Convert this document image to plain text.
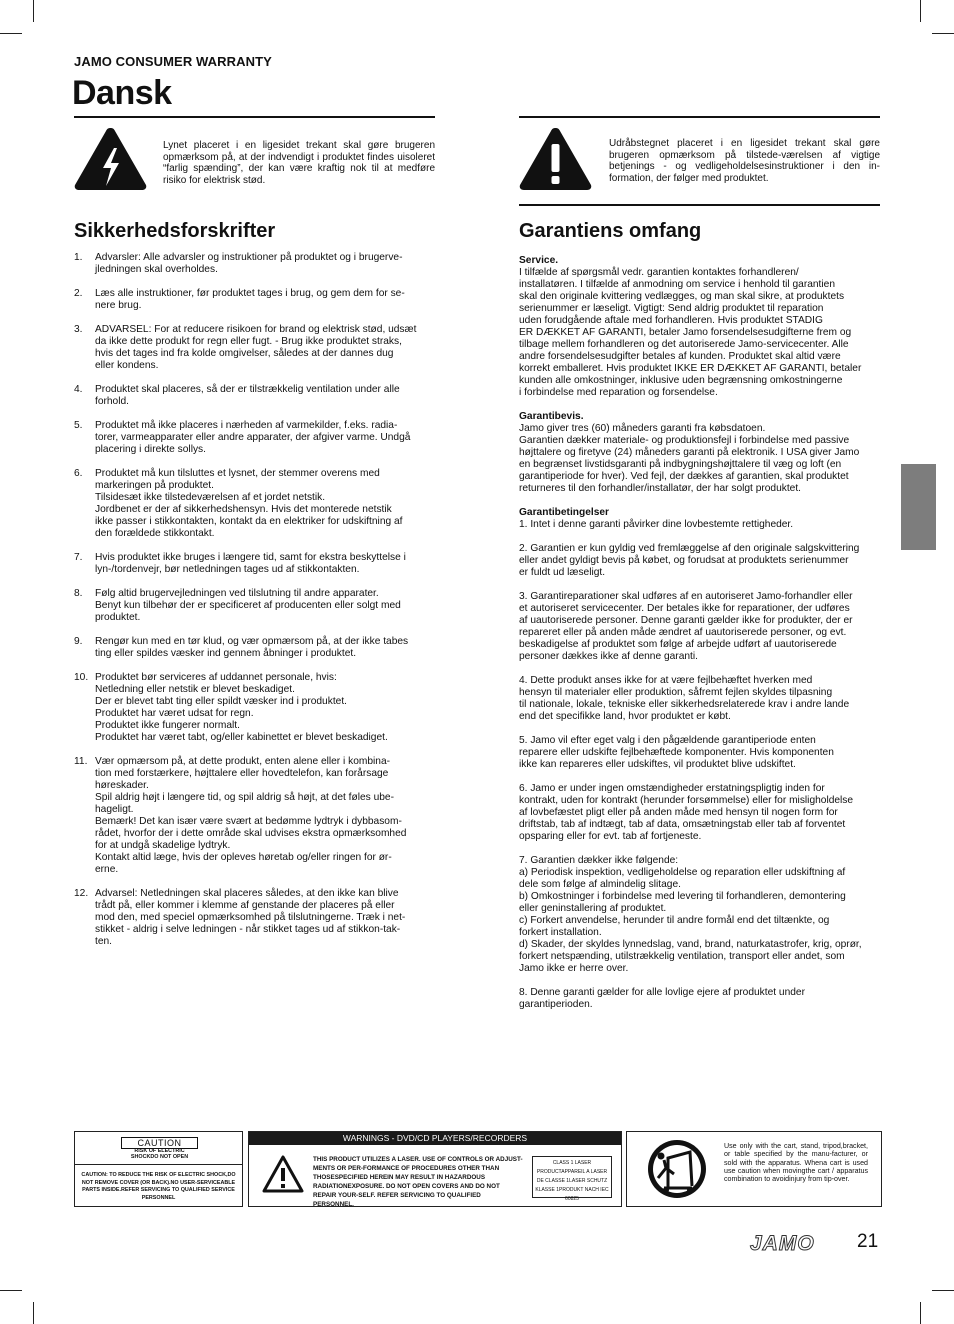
JAMO CONSUMER WARRANTY
Dansk
Lynet placeret i en ligesidet trekant skal gøre brugeren opmærksom på, at der indvendigt i produktet findes uisoleret “farlig spænding”, der kan være kraftig nok til at medføre risiko for elektrisk stød.
Udråbstegnet placeret i en ligesidet trekant skal gøre brugeren opmærksom på tilstede-værelsen af vigtige betjenings - og vedligeholdelsesinstruktioner i den in-formation, der følger med produktet.
Sikkerhedsforskrifter	Garantiens omfang
1. Advarsler: Alle advarsler og instruktioner på produktet og i brugerve-
jledningen skal overholdes.
2. Læs alle instruktioner, før produktet tages i brug, og gem dem for se-
nere brug.
3. ADVARSEL: For at reducere risikoen for brand og elektrisk stød, udsæt
da ikke dette produkt for regn eller fugt. - Brug ikke produktet straks,
hvis det tages ind fra kolde omgivelser, således at der dannes dug
eller kondens.
4. Produktet skal placeres, så der er tilstrækkelig ventilation under alle
forhold.
5. Produktet må ikke placeres i nærheden af varmekilder, f.eks. radia-
torer, varmeapparater eller andre apparater, der afgiver varme. Undgå
placering i direkte sollys.
6. Produktet må kun tilsluttes et lysnet, der stemmer overens med
markeringen på produktet.
Tilsidesæt ikke tilstedeværelsen af et jordet netstik.
Jordbenet er der af sikkerhedshensyn. Hvis det monterede netstik
ikke passer i stikkontakten, kontakt da en elektriker for udskiftning af
den forældede stikkontakt.
7. Hvis produktet ikke bruges i længere tid, samt for ekstra beskyttelse i
lyn-/tordenvejr, bør netledningen tages ud af stikkontakten.
8. Følg altid brugervejledningen ved tilslutning til andre apparater.
Benyt kun tilbehør der er specificeret af producenten eller solgt med
produktet.
9. Rengør kun med en tør klud, og vær opmærsom på, at der ikke tabes
ting eller spildes væsker ind gennem åbninger i produktet.
10. Produktet bør serviceres af uddannet personale, hvis:
Netledning eller netstik er blevet beskadiget.
Der er blevet tabt ting eller spildt væsker ind i produktet.
Produktet har været udsat for regn.
Produktet ikke fungerer normalt.
Produktet har været tabt, og/eller kabinettet er blevet beskadiget.
11. Vær opmærsom på, at dette produkt, enten alene eller i kombina-
tion med forstærkere, højttalere eller hovedtelefon, kan forårsage
høreskader.
Spil aldrig højt i længere tid, og spil aldrig så højt, at det føles ube-
hageligt.
Bemærk! Det kan især være svært at bedømme lydtryk i dybbasom-
rådet, hvorfor der i dette område skal udvises ekstra opmærksomhed
for at undgå skadelige lydtryk.
Kontakt altid læge, hvis der opleves høretab og/eller ringen for ør-
erne.
12. Advarsel: Netledningen skal placeres således, at den ikke kan blive
trådt på, eller kommer i klemme af genstande der placeres på eller
mod den, med speciel opmærksomhed på tilslutningerne. Træk i net-
stikket - aldrig i selve ledningen - når stikket tages ud af stikkon-tak-
ten.

Service.
I tilfælde af spørgsmål vedr. garantien kontaktes forhandleren/
installatøren. I tilfælde af anmodning om service i henhold til garantien
skal den originale kvittering vedlægges, og man skal sikre, at produktets
serienummer er læseligt. Vigtigt: Send aldrig produktet til reparation
uden forudgående aftale med forhandleren. Hvis produktet STADIG
ER DÆKKET AF GARANTI, betaler Jamo forsendelsesudgifterne frem og
tilbage mellem forhandleren og det autoriserede Jamo-servicecenter. Alle
andre forsendelsesudgifter betales af kunden. Produktet skal altid være
korrekt emballeret. Hvis produktet IKKE ER DÆKKET AF GARANTI, betaler
kunden alle omkostninger, inklusive uden begrænsning omkostningerne
i forbindelse med reparation og forsendelse.

Garantibevis.
Jamo giver tres (60) måneders garanti fra købsdatoen.
Garantien dækker materiale- og produktionsfejl i forbindelse med passive
højttalere og firetyve (24) måneders garanti på elektronik. I USA giver Jamo
en begrænset livstidsgaranti på indbygningshøjttalere til væg og loft (en
garantiperiode for hver). Ved fejl, der dækkes af garantien, skal produktet
returneres til den forhandler/installatør, der har solgt produktet.

Garantibetingelser

1. Intet i denne garanti påvirker dine lovbestemte rettigheder.

2. Garantien er kun gyldig ved fremlæggelse af den originale salgskvittering
eller andet gyldigt bevis på købet, og forudsat at produktets serienummer
er fuldt ud læseligt.

3. Garantireparationer skal udføres af en autoriseret Jamo-forhandler eller
et autoriseret servicecenter. Der betales ikke for reparationer, der udføres
af uautoriserede personer. Denne garanti gælder ikke for produkter, der er
repareret eller på anden måde ændret af uautoriserede personer, og evt.
beskadigelse af produktet som følge af arbejde udført af uautoriserede
personer dækkes ikke af denne garanti.

4. Dette produkt anses ikke for at være fejlbehæftet hverken med
hensyn til materialer eller produktion, såfremt fejlen skyldes tilpasning
til nationale, lokale, tekniske eller sikkerhedsrelaterede krav i andre lande
end det specifikke land, hvor produktet er købt.

5. Jamo vil efter eget valg i den pågældende garantiperiode enten
reparere eller udskifte fejlbehæftede komponenter. Hvis komponenten
ikke kan repareres eller udskiftes, vil produktet blive udskiftet.

6. Jamo er under ingen omstændigheder erstatningspligtig inden for
kontrakt, uden for kontrakt (herunder forsømmelse) eller for misligholdelse
af lovbefæstet pligt eller på anden måde med hensyn til nogen form for
driftstab, tab af indtægt, tab af data, omsætningstab eller tab af forventet
opsparing eller for evt. tab af fortjeneste.

7. Garantien dækker ikke følgende:
a) Periodisk inspektion, vedligeholdelse og reparation eller udskiftning af
dele som følge af almindelig slitage.
b) Omkostninger i forbindelse med levering til forhandleren, demontering
eller geninstallering af produktet.
c) Forkert anvendelse, herunder til andre formål end det tiltænkte, og
forkert installation.
d) Skader, der skyldes lynnedslag, vand, brand, naturkatastrofer, krig, oprør,
forkert netspænding, utilstrækkelig ventilation, transport eller andet, som
Jamo ikke er herre over.

8. Denne garanti gælder for alle lovlige ejere af produktet under
garantiperioden.

CAUTION
RISK OF ELECTRIC SHOCKDO NOT OPEN
CAUTION: TO REDUCE THE RISK OF ELECTRIC SHOCK,DO NOT REMOVE COVER (OR BACK).NO USER-SERVICEABLE PARTS INSIDE.REFER SERVICING TO QUALIFIED SERVICE PERSONNEL
WARNINGS - DVD/CD PLAYERS/RECORDERS
THIS PRODUCT UTILIZES A LASER. USE OF CONTROLS OR ADJUST-MENTS OR PER-FORMANCE OF PROCEDURES OTHER THAN THOSESPECIFIED HEREIN MAY RESULT IN HAZARDOUS RADIATIONEXPOSURE. DO NOT OPEN COVERS AND DO NOT REPAIR YOUR-SELF. REFER SERVICING TO QUALIFIED PERSONNEL.
CLASS 1 LASER PRODUCTAPPAREIL A LASER DE CLASSE 1LASER SCHUTZ KLASSE 1PRODUKT NACH IEC 60825
Use only with the cart, stand, tripod,bracket, or table specified by the manu-facturer, or sold with the apparatus. Whena cart is used use caution when movingthe cart / apparatus combination to avoidinjury from tip-over.
JAMO 21
